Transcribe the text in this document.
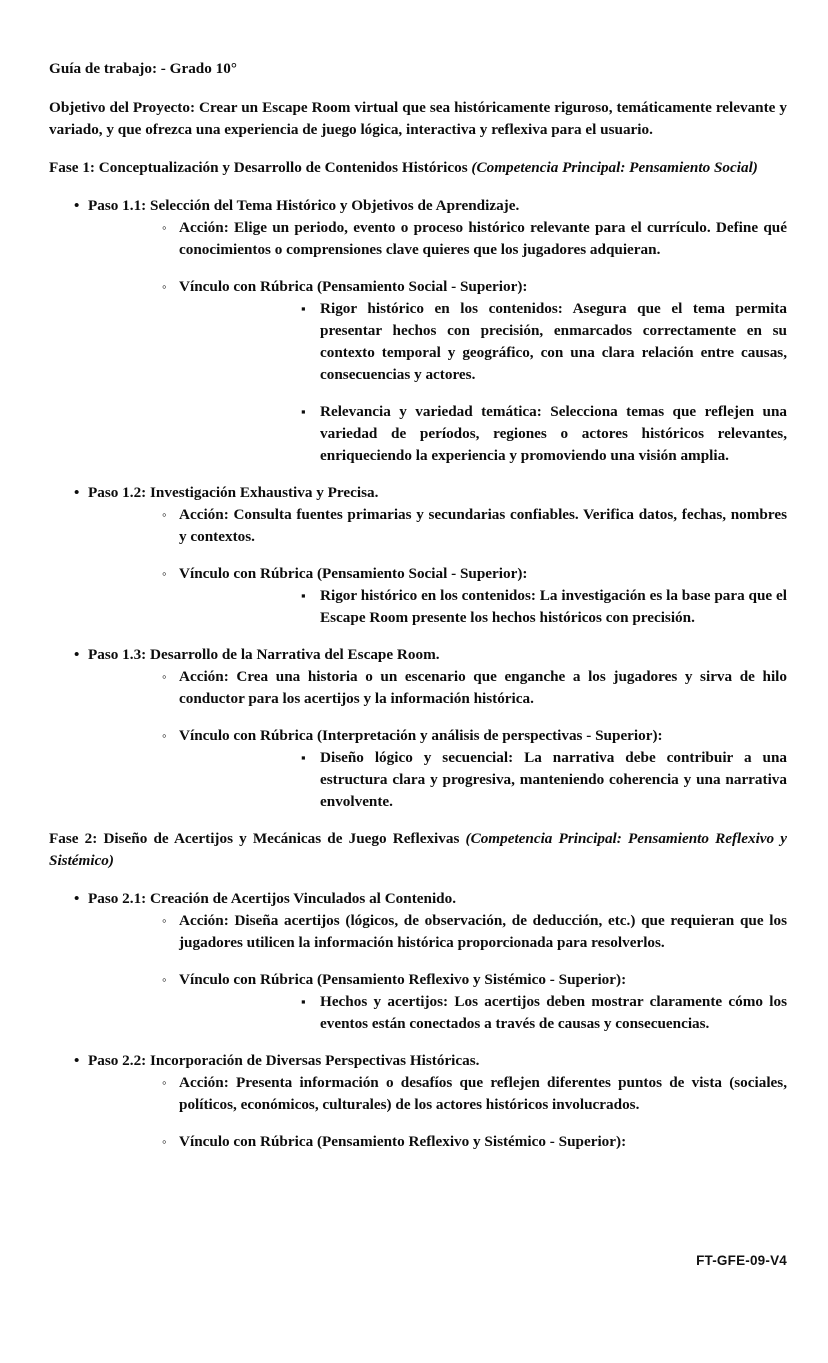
Guía de trabajo: - Grado 10°

Objetivo del Proyecto: Crear un Escape Room virtual que sea históricamente riguroso, temáticamente relevante y variado, y que ofrezca una experiencia de juego lógica, interactiva y reflexiva para el usuario.

Fase 1: Conceptualización y Desarrollo de Contenidos Históricos (Competencia Principal: Pensamiento Social)

•
Paso 1.1: Selección del Tema Histórico y Objetivos de Aprendizaje.
◦
Acción: Elige un periodo, evento o proceso histórico relevante para el currículo. Define qué conocimientos o comprensiones clave quieres que los jugadores adquieran.
◦
Vínculo con Rúbrica (Pensamiento Social - Superior):
▪
Rigor histórico en los contenidos: Asegura que el tema permita presentar hechos con precisión, enmarcados correctamente en su contexto temporal y geográfico, con una clara relación entre causas, consecuencias y actores.
▪
Relevancia y variedad temática: Selecciona temas que reflejen una variedad de períodos, regiones o actores históricos relevantes, enriqueciendo la experiencia y promoviendo una visión amplia.
•
Paso 1.2: Investigación Exhaustiva y Precisa.
◦
Acción: Consulta fuentes primarias y secundarias confiables. Verifica datos, fechas, nombres y contextos.
◦
Vínculo con Rúbrica (Pensamiento Social - Superior):
▪
Rigor histórico en los contenidos: La investigación es la base para que el Escape Room presente los hechos históricos con precisión.
•
Paso 1.3: Desarrollo de la Narrativa del Escape Room.
◦
Acción: Crea una historia o un escenario que enganche a los jugadores y sirva de hilo conductor para los acertijos y la información histórica.
◦
Vínculo con Rúbrica (Interpretación y análisis de perspectivas - Superior):
▪
Diseño lógico y secuencial: La narrativa debe contribuir a una estructura clara y progresiva, manteniendo coherencia y una narrativa envolvente.

Fase 2: Diseño de Acertijos y Mecánicas de Juego Reflexivas (Competencia Principal: Pensamiento Reflexivo y Sistémico)

•
Paso 2.1: Creación de Acertijos Vinculados al Contenido.
◦
Acción: Diseña acertijos (lógicos, de observación, de deducción, etc.) que requieran que los jugadores utilicen la información histórica proporcionada para resolverlos.
◦
Vínculo con Rúbrica (Pensamiento Reflexivo y Sistémico - Superior):
▪
Hechos y acertijos: Los acertijos deben mostrar claramente cómo los eventos están conectados a través de causas y consecuencias.
•
Paso 2.2: Incorporación de Diversas Perspectivas Históricas.
◦
Acción: Presenta información o desafíos que reflejen diferentes puntos de vista (sociales, políticos, económicos, culturales) de los actores históricos involucrados.
◦
Vínculo con Rúbrica (Pensamiento Reflexivo y Sistémico - Superior):
FT-GFE-09-V4
